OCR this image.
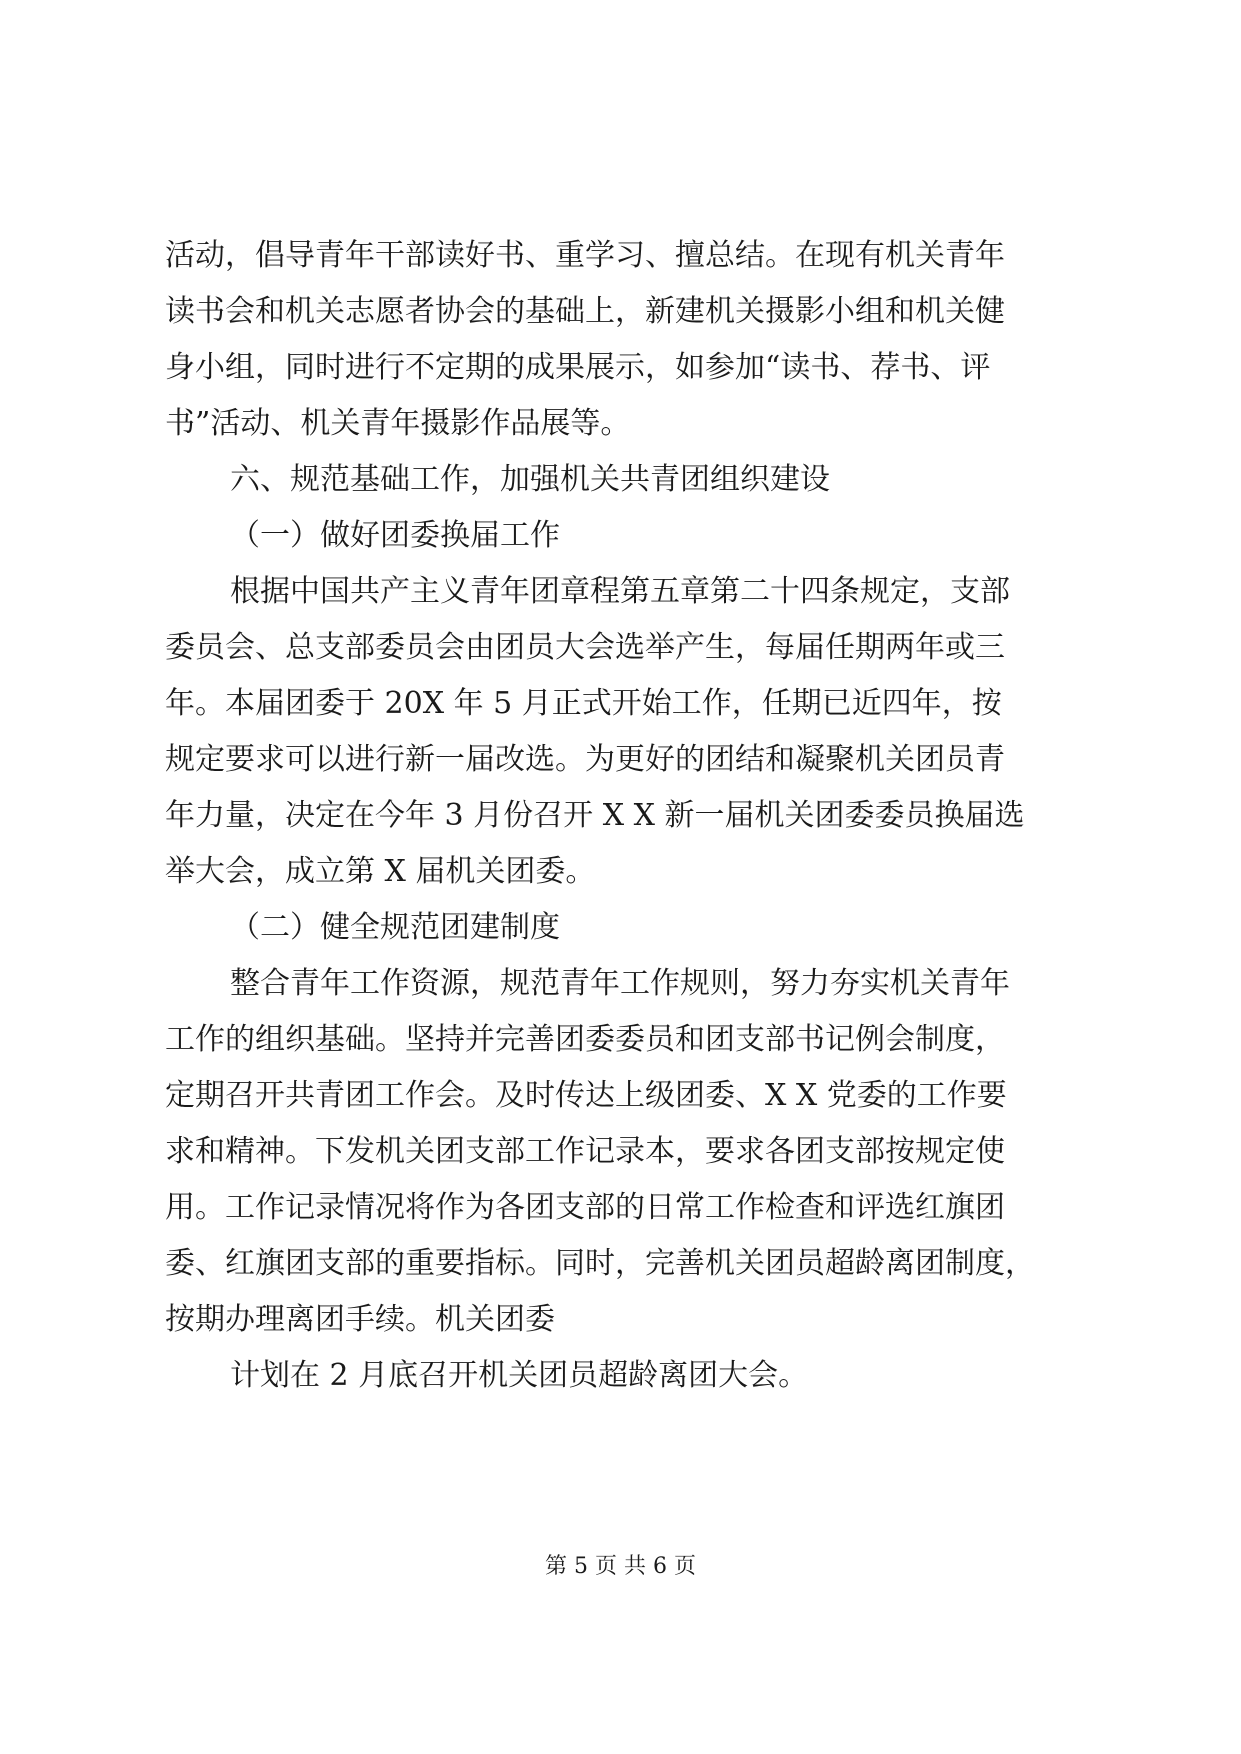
活动，倡导青年干部读好书、重学习、擅总结。在现有机关青年
读书会和机关志愿者协会的基础上，新建机关摄影小组和机关健
身小组，同时进行不定期的成果展示，如参加“读书、荐书、评
书”活动、机关青年摄影作品展等。
六、规范基础工作，加强机关共青团组织建设
（一）做好团委换届工作
根据中国共产主义青年团章程第五章第二十四条规定，支部
委员会、总支部委员会由团员大会选举产生，每届任期两年或三
年。本届团委于 20X 年 5 月正式开始工作，任期已近四年，按
规定要求可以进行新一届改选。为更好的团结和凝聚机关团员青
年力量，决定在今年 3 月份召开 X X 新一届机关团委委员换届选
举大会，成立第 X 届机关团委。
（二）健全规范团建制度
整合青年工作资源，规范青年工作规则，努力夯实机关青年
工作的组织基础。坚持并完善团委委员和团支部书记例会制度，
定期召开共青团工作会。及时传达上级团委、X X 党委的工作要
求和精神。下发机关团支部工作记录本，要求各团支部按规定使
用。工作记录情况将作为各团支部的日常工作检查和评选红旗团
委、红旗团支部的重要指标。同时，完善机关团员超龄离团制度，
按期办理离团手续。机关团委
计划在 2 月底召开机关团员超龄离团大会。
第 5 页 共 6 页
